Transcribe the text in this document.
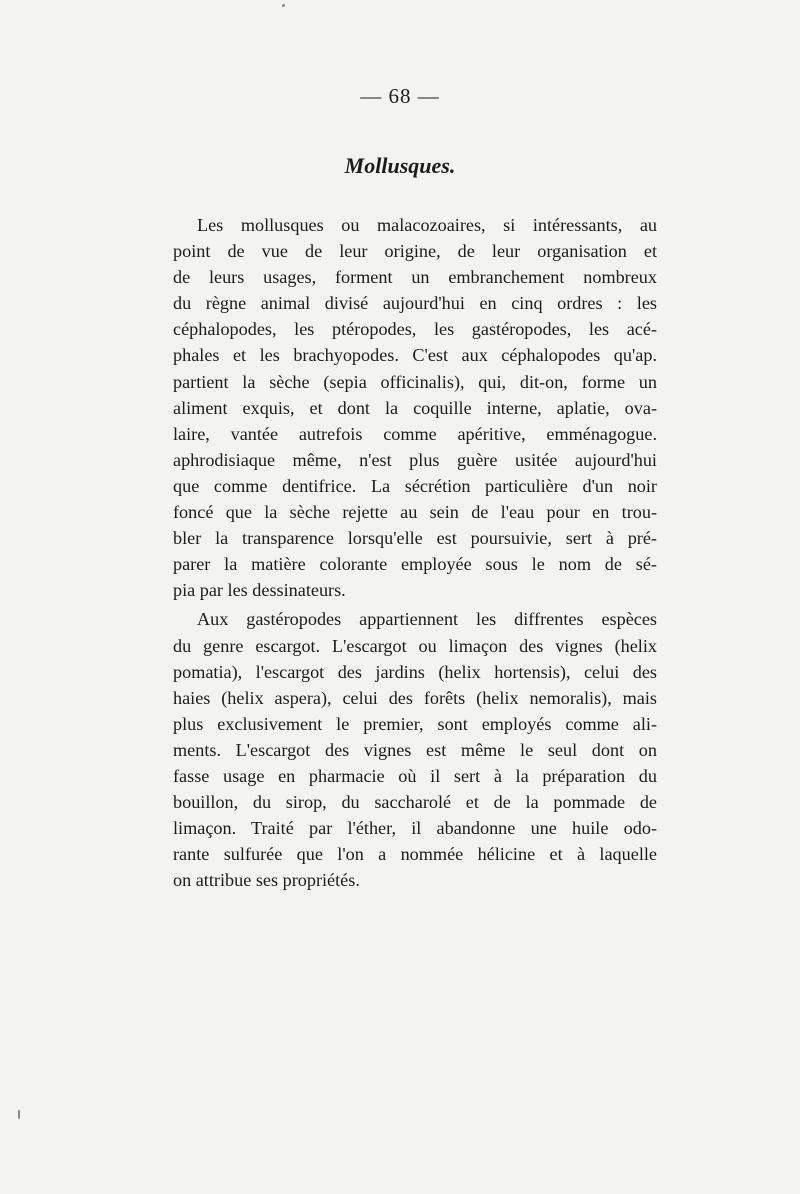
— 68 —
Mollusques.
Les mollusques ou malacozoaires, si intéressants, au
point de vue de leur origine, de leur organisation et
de leurs usages, forment un embranchement nombreux
du règne animal divisé aujourd'hui en cinq ordres : les
céphalopodes, les ptéropodes, les gastéropodes, les acé-
phales et les brachyopodes. C'est aux céphalopodes qu'ap.
partient la sèche (sepia officinalis), qui, dit-on, forme un
aliment exquis, et dont la coquille interne, aplatie, ova-
laire, vantée autrefois comme apéritive, emménagogue.
aphrodisiaque même, n'est plus guère usitée aujourd'hui
que comme dentifrice. La sécrétion particulière d'un noir
foncé que la sèche rejette au sein de l'eau pour en trou-
bler la transparence lorsqu'elle est poursuivie, sert à pré-
parer la matière colorante employée sous le nom de sé-
pia par les dessinateurs.
Aux gastéropodes appartiennent les diffrentes espèces
du genre escargot. L'escargot ou limaçon des vignes (helix
pomatia), l'escargot des jardins (helix hortensis), celui des
haies (helix aspera), celui des forêts (helix nemoralis), mais
plus exclusivement le premier, sont employés comme ali-
ments. L'escargot des vignes est même le seul dont on
fasse usage en pharmacie où il sert à la préparation du
bouillon, du sirop, du saccharolé et de la pommade de
limaçon. Traité par l'éther, il abandonne une huile odo-
rante sulfurée que l'on a nommée hélicine et à laquelle
on attribue ses propriétés.
